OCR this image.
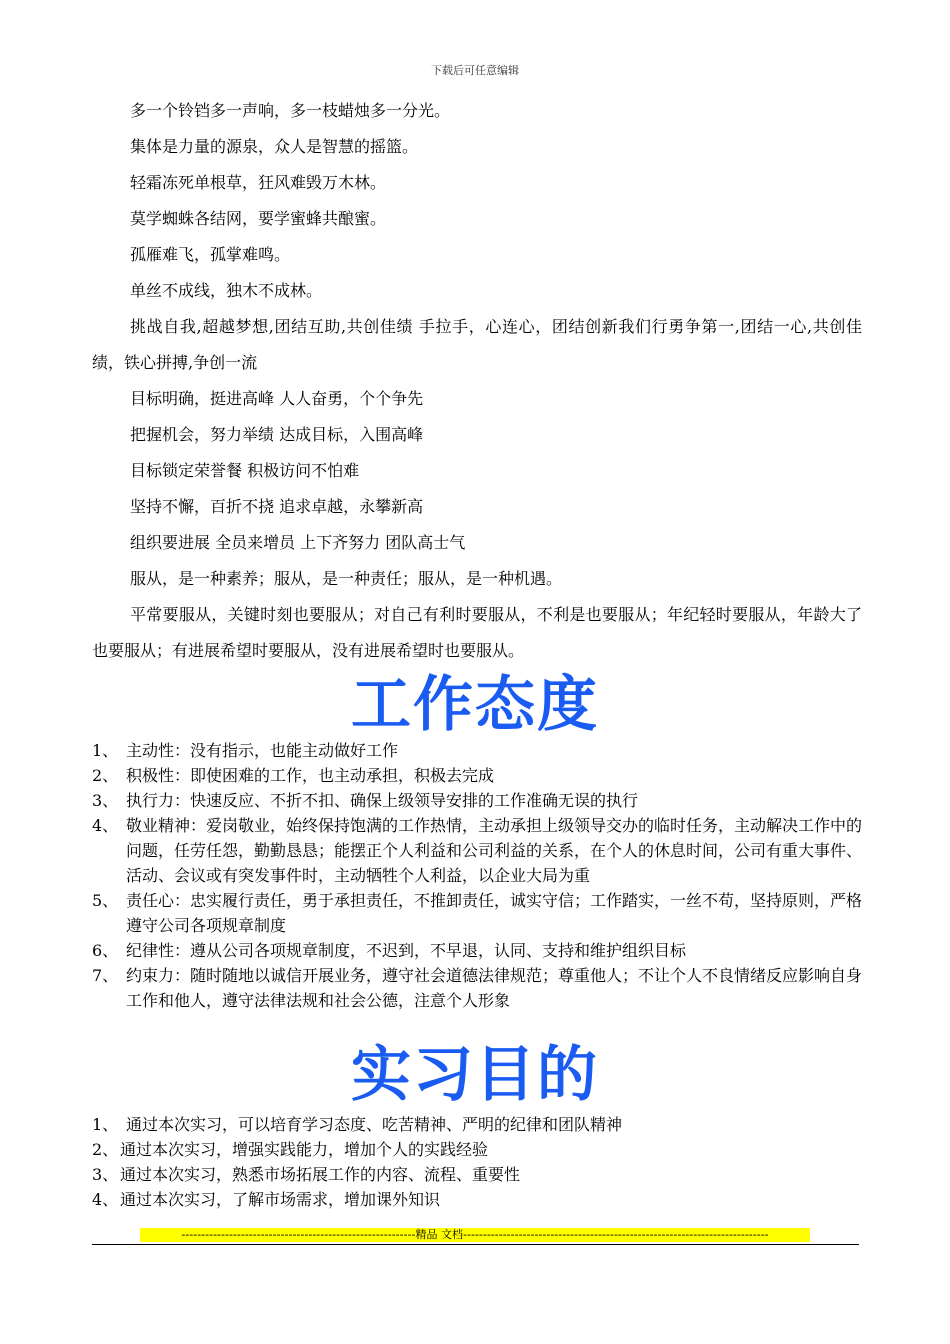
下载后可任意编辑

多一个铃铛多一声响，多一枝蜡烛多一分光。

集体是力量的源泉，众人是智慧的摇篮。

轻霜冻死单根草，狂风难毁万木林。

莫学蜘蛛各结网，要学蜜蜂共酿蜜。

孤雁难飞，孤掌难鸣。

单丝不成线，独木不成林。

挑战自我,超越梦想,团结互助,共创佳绩 手拉手，心连心，团结创新我们行勇争第一,团结一心,共创佳绩，铁心拼搏,争创一流

目标明确，挺进高峰 人人奋勇，个个争先

把握机会，努力举绩 达成目标，入围高峰

目标锁定荣誉餐 积极访问不怕难

坚持不懈，百折不挠 追求卓越，永攀新高

组织要进展 全员来增员 上下齐努力 团队高士气

服从，是一种素养；服从，是一种责任；服从，是一种机遇。

平常要服从，关键时刻也要服从；对自己有利时要服从，不利是也要服从；年纪轻时要服从，年龄大了也要服从；有进展希望时要服从，没有进展希望时也要服从。

工作态度
1、 主动性：没有指示，也能主动做好工作
2、 积极性：即使困难的工作，也主动承担，积极去完成
3、 执行力：快速反应、不折不扣、确保上级领导安排的工作准确无误的执行
4、 敬业精神：爱岗敬业，始终保持饱满的工作热情，主动承担上级领导交办的临时任务，主动解决工作中的问题，任劳任怨，勤勤恳恳；能摆正个人利益和公司利益的关系，在个人的休息时间，公司有重大事件、活动、会议或有突发事件时，主动牺牲个人利益，以企业大局为重
5、 责任心：忠实履行责任，勇于承担责任，不推卸责任，诚实守信；工作踏实，一丝不苟，坚持原则，严格遵守公司各项规章制度
6、 纪律性：遵从公司各项规章制度，不迟到，不早退，认同、支持和维护组织目标
7、 约束力：随时随地以诚信开展业务，遵守社会道德法律规范；尊重他人；不让个人不良情绪反应影响自身工作和他人，遵守法律法规和社会公德，注意个人形象
实习目的
1、 通过本次实习，可以培育学习态度、吃苦精神、严明的纪律和团队精神
2、 通过本次实习，增强实践能力，增加个人的实践经验
3、 通过本次实习，熟悉市场拓展工作的内容、流程、重要性
4、 通过本次实习，了解市场需求，增加课外知识
-----------------------------------------------------------精品 文档-----------------------------------------------------------------------------
